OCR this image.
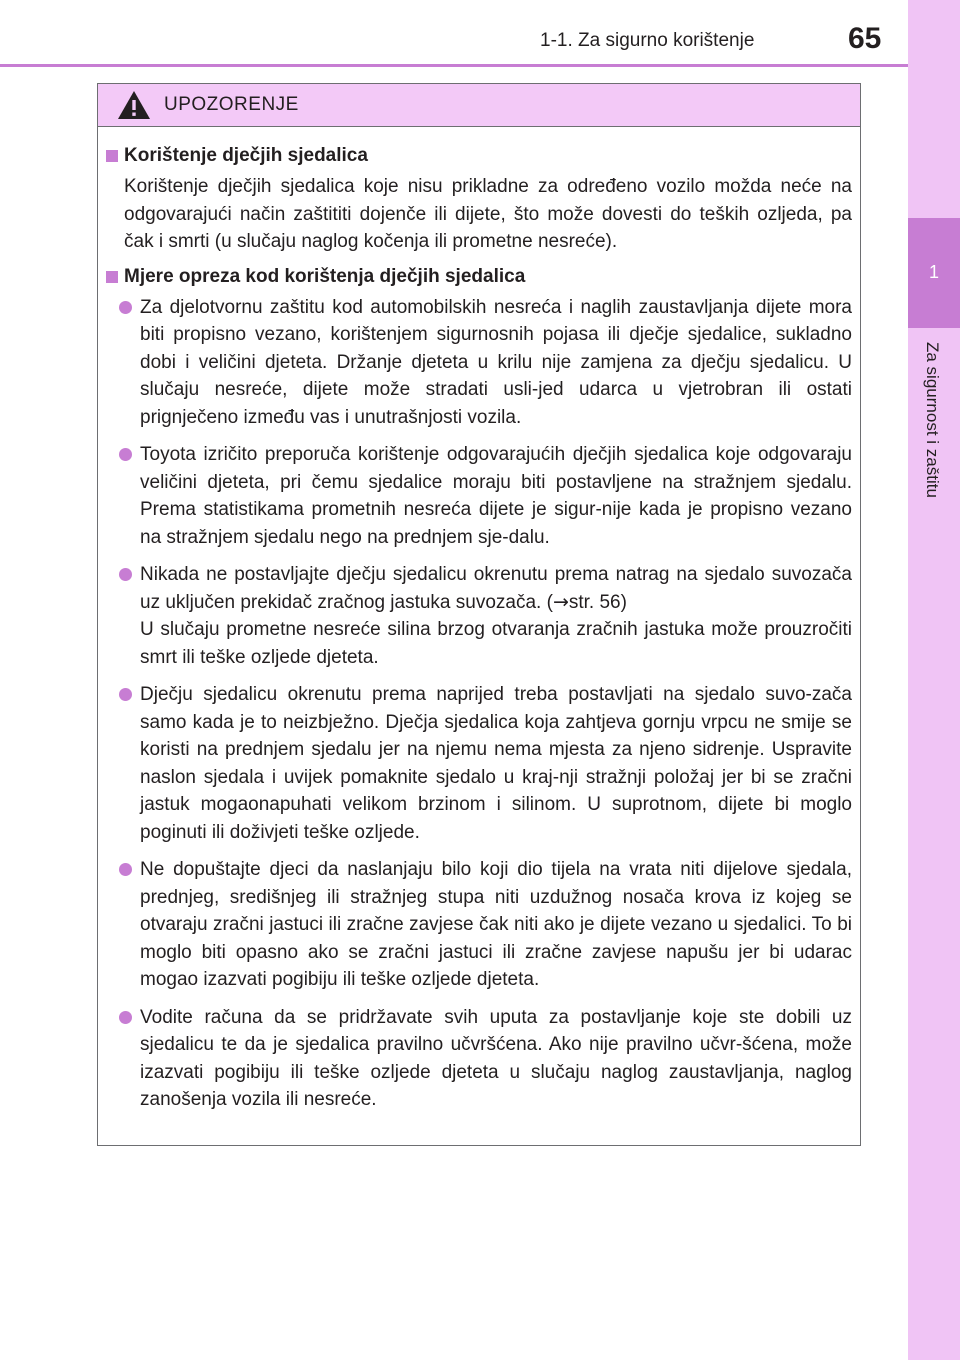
1-1. Za sigurno korištenje	65
1
Za sigurnost i zaštitu
UPOZORENJE
Korištenje dječjih sjedalica
Korištenje dječjih sjedalica koje nisu prikladne za određeno vozilo možda neće na odgovarajući način zaštititi dojenče ili dijete, što može dovesti do teških ozljeda, pa čak i smrti (u slučaju naglog kočenja ili prometne nesreće).
Mjere opreza kod korištenja dječjih sjedalica
Za djelotvornu zaštitu kod automobilskih nesreća i naglih zaustavljanja dijete mora biti propisno vezano, korištenjem sigurnosnih pojasa ili dječje sjedalice, sukladno dobi i veličini djeteta. Držanje djeteta u krilu nije zamjena za dječju sjedalicu. U slučaju nesreće, dijete može stradati usli-jed udarca u vjetrobran ili ostati prignječeno između vas i unutrašnjosti vozila.
Toyota izričito preporuča korištenje odgovarajućih dječjih sjedalica koje odgovaraju veličini djeteta, pri čemu sjedalice moraju biti postavljene na stražnjem sjedalu. Prema statistikama prometnih nesreća dijete je sigur-nije kada je propisno vezano na stražnjem sjedalu nego na prednjem sje-dalu.
Nikada ne postavljajte dječju sjedalicu okrenutu prema natrag na sjedalo suvozača uz uključen prekidač zračnog jastuka suvozača. (→str. 56)
U slučaju prometne nesreće silina brzog otvaranja zračnih jastuka može prouzročiti smrt ili teške ozljede djeteta.
Dječju sjedalicu okrenutu prema naprijed treba postavljati na sjedalo suvo-zača samo kada je to neizbježno. Dječja sjedalica koja zahtjeva gornju vrpcu ne smije se koristi na prednjem sjedalu jer na njemu nema mjesta za njeno sidrenje. Uspravite naslon sjedala i uvijek pomaknite sjedalo u kraj-nji stražnji položaj jer bi se zračni jastuk mogaonapuhati velikom brzinom i silinom. U suprotnom, dijete bi moglo poginuti ili doživjeti teške ozljede.
Ne dopuštajte djeci da naslanjaju bilo koji dio tijela na vrata niti dijelove sjedala, prednjeg, središnjeg ili stražnjeg stupa niti uzdužnog nosača krova iz kojeg se otvaraju zračni jastuci ili zračne zavjese čak niti ako je dijete vezano u sjedalici. To bi moglo biti opasno ako se zračni jastuci ili zračne zavjese napušu jer bi udarac mogao izazvati pogibiju ili teške ozljede djeteta.
Vodite računa da se pridržavate svih uputa za postavljanje koje ste dobili uz sjedalicu te da je sjedalica pravilno učvršćena. Ako nije pravilno učvr-šćena, može izazvati pogibiju ili teške ozljede djeteta u slučaju naglog zaustavljanja, naglog zanošenja vozila ili nesreće.
